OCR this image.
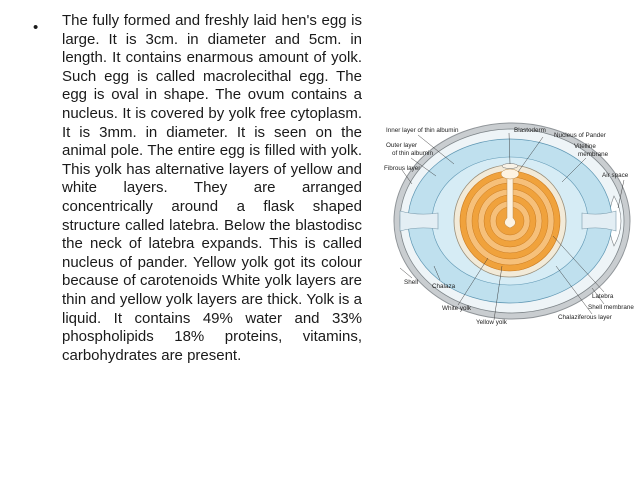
• The fully formed and freshly laid hen's egg is large. It is 3cm. in diameter and 5cm. in length. It contains enarmous amount of yolk. Such egg is called macrolecithal egg. The egg is oval in shape. The ovum contains a nucleus. It is covered by yolk free cytoplasm. It is 3mm. in diameter. It is seen on the animal pole. The entire egg is filled with yolk. This yolk has alternative layers of yellow and white layers. They are arranged concentrically around a flask shaped structure called latebra. Below the blastodisc the neck of latebra expands. This is called nucleus of pander. Yellow yolk got its colour because of carotenoids White yolk layers are thin and yellow yolk layers are thick. Yolk is a liquid. It contains 49% water and 33% phospholipids 18% proteins, vitamins, carbohydrates are present.
Inner layer of thin albumin	Blastoderm
Nucleus of Pander
Outer layer
of thin albumin
Vitelline
membrane
Fibrous layer
Air space
Shell
Chalaza
Latebra
White yolk	Shell membrane
Chalaziferous layer
Yellow yolk
